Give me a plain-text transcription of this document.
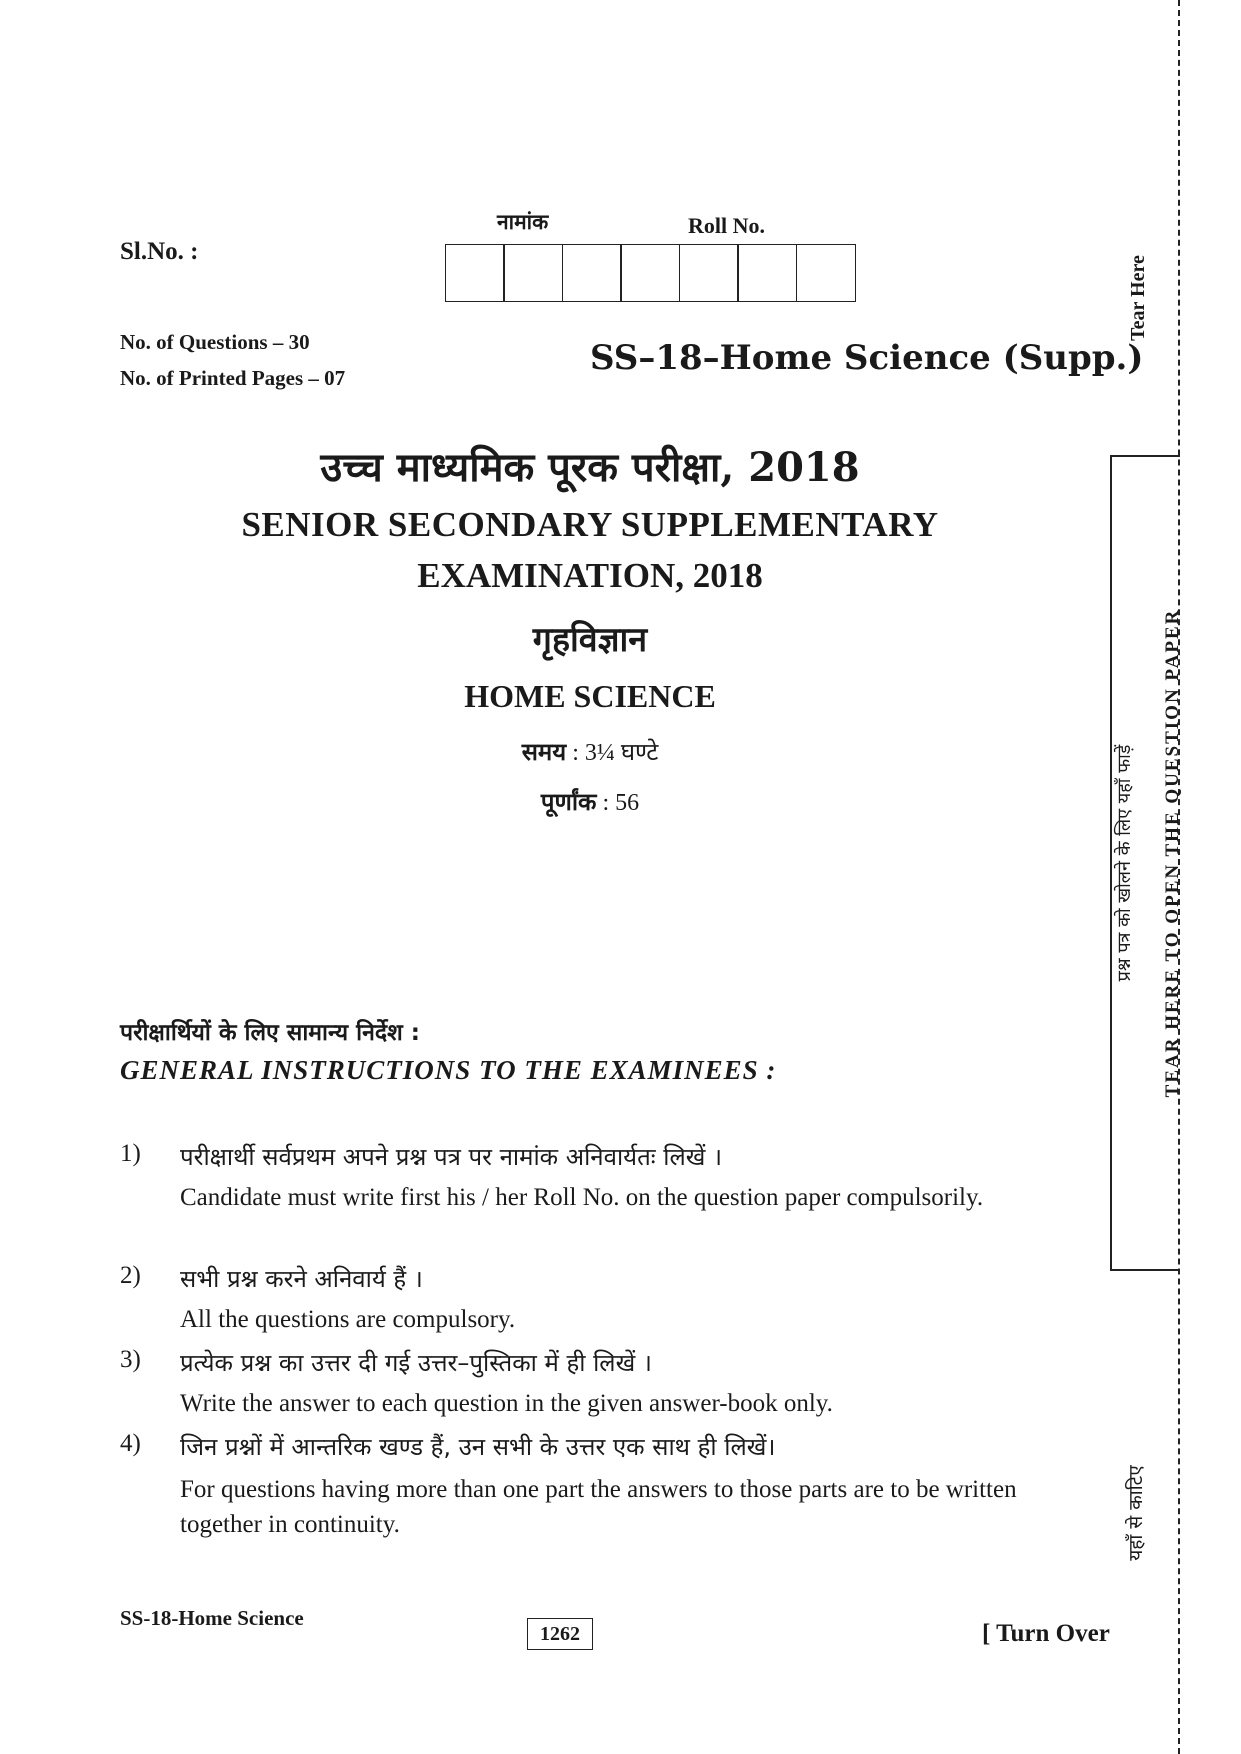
Tear Here
प्रश्न पत्र को खोलने के लिए यहाँ फाड़ें TEAR HERE TO OPEN THE QUESTION PAPER
यहाँ से काटिए
Sl.No. :
नामांक	Roll No.
No. of Questions – 30
No. of Printed Pages – 07	SS–18–Home Science (Supp.)
उच्च माध्यमिक पूरक परीक्षा, 2018
SENIOR SECONDARY SUPPLEMENTARY
EXAMINATION, 2018
गृहविज्ञान
HOME SCIENCE
समय : 3¼ घण्टे
पूर्णांक : 56
परीक्षार्थियों के लिए सामान्य निर्देश :
GENERAL INSTRUCTIONS TO THE EXAMINEES :
1) परीक्षार्थी सर्वप्रथम अपने प्रश्न पत्र पर नामांक अनिवार्यतः लिखें ।
Candidate must write first his / her Roll No. on the question paper compulsorily.
2) सभी प्रश्न करने अनिवार्य हैं ।
All the questions are compulsory.
3) प्रत्येक प्रश्न का उत्तर दी गई उत्तर–पुस्तिका में ही लिखें ।
Write the answer to each question in the given answer-book only.
4) जिन प्रश्नों में आन्तरिक खण्ड हैं, उन सभी के उत्तर एक साथ ही लिखें।
For questions having more than one part the answers to those parts are to be written together in continuity.
SS-18-Home Science
1262	[ Turn Over
